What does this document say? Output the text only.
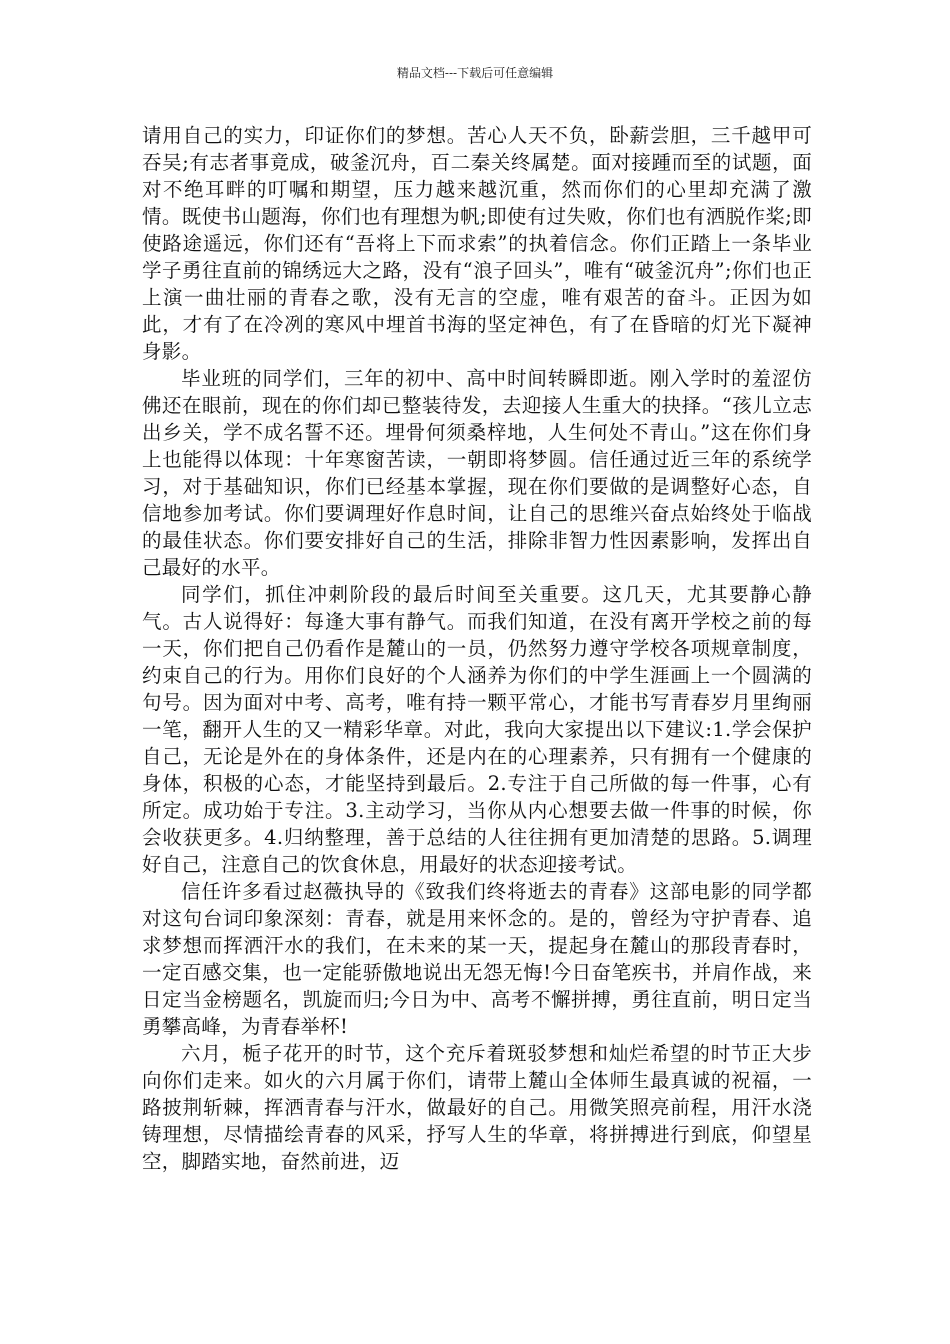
精品文档---下载后可任意编辑

请用自己的实力，印证你们的梦想。苦心人天不负，卧薪尝胆，三千越甲可吞吴;有志者事竟成，破釜沉舟，百二秦关终属楚。面对接踵而至的试题，面对不绝耳畔的叮嘱和期望，压力越来越沉重，然而你们的心里却充满了激情。既使书山题海，你们也有理想为帆;即使有过失败，你们也有洒脱作桨;即使路途遥远，你们还有“吾将上下而求索”的执着信念。你们正踏上一条毕业学子勇往直前的锦绣远大之路，没有“浪子回头”，唯有“破釜沉舟”;你们也正上演一曲壮丽的青春之歌，没有无言的空虚，唯有艰苦的奋斗。正因为如此，才有了在冷冽的寒风中埋首书海的坚定神色，有了在昏暗的灯光下凝神身影。

毕业班的同学们，三年的初中、高中时间转瞬即逝。刚入学时的羞涩仿佛还在眼前，现在的你们却已整装待发，去迎接人生重大的抉择。“孩儿立志出乡关，学不成名誓不还。埋骨何须桑梓地，人生何处不青山。”这在你们身上也能得以体现：十年寒窗苦读，一朝即将梦圆。信任通过近三年的系统学习，对于基础知识，你们已经基本掌握，现在你们要做的是调整好心态，自信地参加考试。你们要调理好作息时间，让自己的思维兴奋点始终处于临战的最佳状态。你们要安排好自己的生活，排除非智力性因素影响，发挥出自己最好的水平。

同学们，抓住冲刺阶段的最后时间至关重要。这几天，尤其要静心静气。古人说得好：每逢大事有静气。而我们知道，在没有离开学校之前的每一天，你们把自己仍看作是麓山的一员，仍然努力遵守学校各项规章制度，约束自己的行为。用你们良好的个人涵养为你们的中学生涯画上一个圆满的句号。因为面对中考、高考，唯有持一颗平常心，才能书写青春岁月里绚丽一笔，翻开人生的又一精彩华章。对此，我向大家提出以下建议:1.学会保护自己，无论是外在的身体条件，还是内在的心理素养，只有拥有一个健康的身体，积极的心态，才能坚持到最后。2.专注于自己所做的每一件事，心有所定。成功始于专注。3.主动学习，当你从内心想要去做一件事的时候，你会收获更多。4.归纳整理，善于总结的人往往拥有更加清楚的思路。5.调理好自己，注意自己的饮食休息，用最好的状态迎接考试。

信任许多看过赵薇执导的《致我们终将逝去的青春》这部电影的同学都对这句台词印象深刻：青春，就是用来怀念的。是的，曾经为守护青春、追求梦想而挥洒汗水的我们，在未来的某一天，提起身在麓山的那段青春时，一定百感交集，也一定能骄傲地说出无怨无悔!今日奋笔疾书，并肩作战，来日定当金榜题名，凯旋而归;今日为中、高考不懈拼搏，勇往直前，明日定当勇攀高峰，为青春举杯!

六月，栀子花开的时节，这个充斥着斑驳梦想和灿烂希望的时节正大步向你们走来。如火的六月属于你们，请带上麓山全体师生最真诚的祝福，一路披荆斩棘，挥洒青春与汗水，做最好的自己。用微笑照亮前程，用汗水浇铸理想，尽情描绘青春的风采，抒写人生的华章，将拼搏进行到底，仰望星空，脚踏实地，奋然前进，迈
